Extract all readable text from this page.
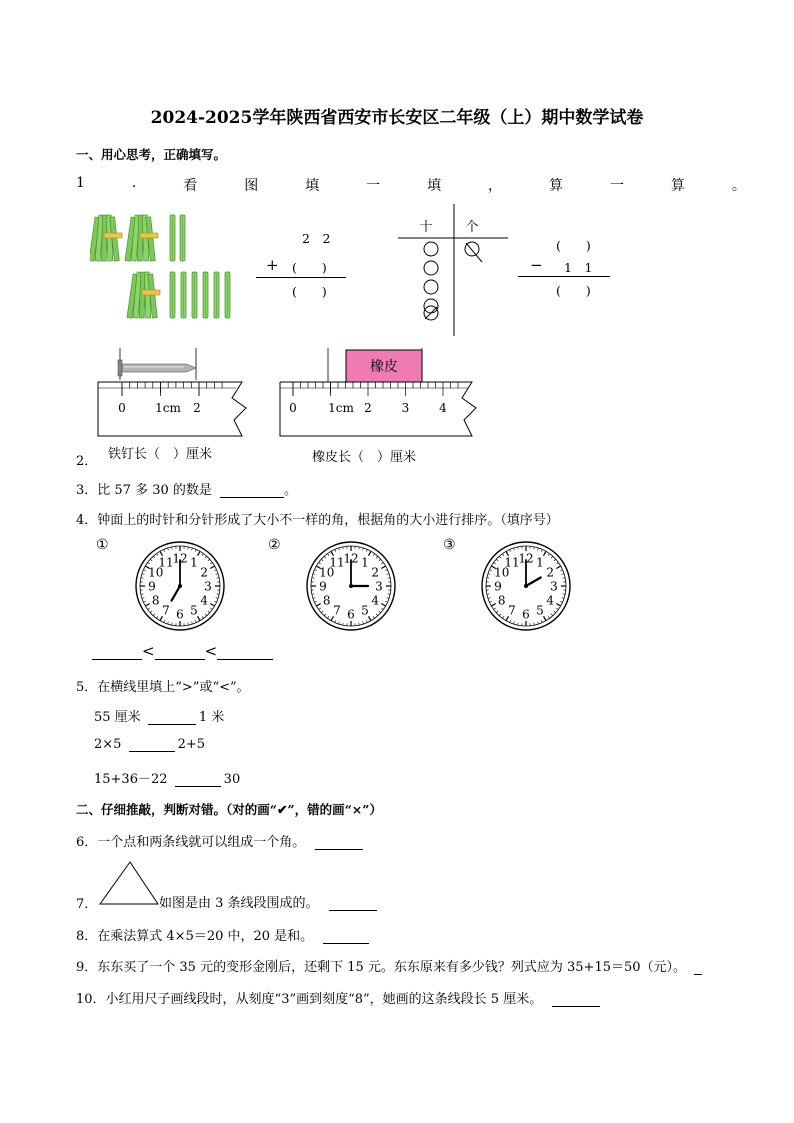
2024-2025学年陕西省西安市长安区二年级（上）期中数学试卷
一、用心思考，正确填写。
1	.	看	图	填	一	填	，	算	一	算	。
2　2
+ (　　)
(　　)
十	个
(　　)
− 1　1
(　　)
0 1cm 2
橡皮
0	1cm 2 3 4
2． 铁钉长（　）厘米	橡皮长（　）厘米
3．比 57 多 30 的数是	。
4．钟面上的时针和分针形成了大小不一样的角，根据角的大小进行排序。（填序号）
①	②	③
12 1
2
3
4
5
6
7
8
9
10
11	12 1
2
3
4
5
6
7
8
9
10
11	12 1
2
3
4
5
6
7
8
9
10
11
<	<
5．在横线里填上“>”或“<”。
55 厘米	1 米
2×5	2+5
15+36－22	30
二、仔细推敲，判断对错。（对的画“✔”，错的画“×”）
6．一个点和两条线就可以组成一个角。
7．	如图是由 3 条线段围成的。
8．在乘法算式 4×5＝20 中，20 是和。
9．东东买了一个 35 元的变形金刚后，还剩下 15 元。东东原来有多少钱？列式应为 35+15＝50（元）。
10．小红用尺子画线段时，从刻度“3”画到刻度“8”，她画的这条线段长 5 厘米。
